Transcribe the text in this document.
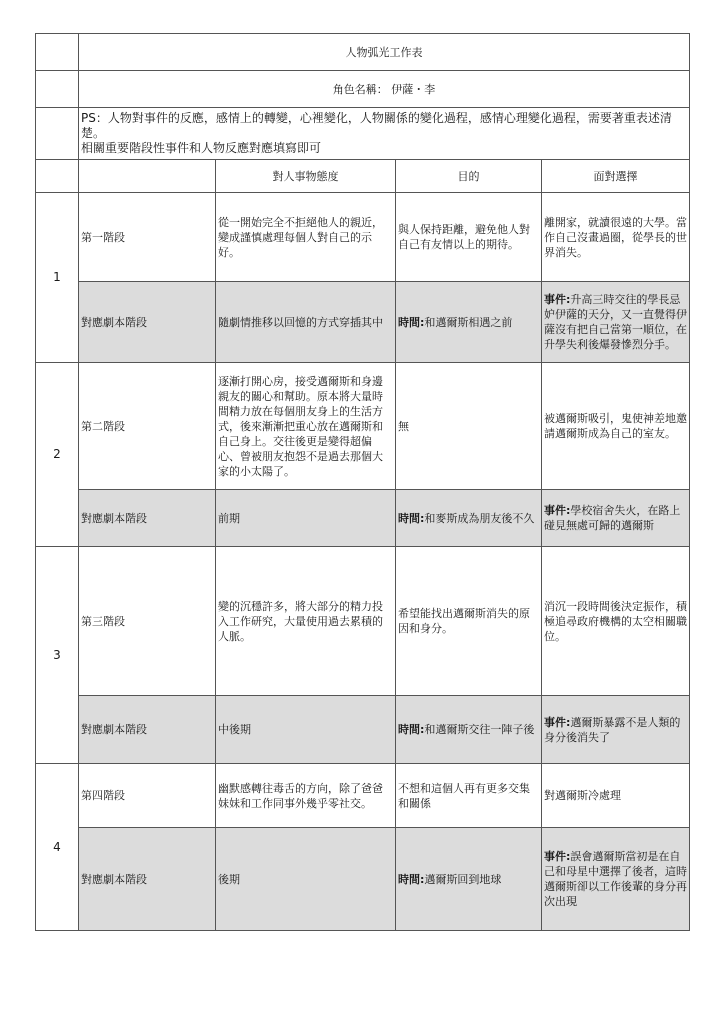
	人物弧光工作表			
	角色名稱： 伊薩・李			

	PS：人物對事件的反應，感情上的轉變，心裡變化，人物關係的變化過程，感情心理變化過程，需要著重表述清楚。
相關重要階段性事件和人物反應對應填寫即可			

		對人事物態度	目的	面對選擇
1	第一階段	從一開始完全不拒絕他人的親近，變成謹慎處理每個人對自己的示好。	與人保持距離，避免他人對自己有友情以上的期待。	離開家，就讀很遠的大學。當作自己沒畫過圈，從學長的世界消失。
	對應劇本階段	隨劇情推移以回憶的方式穿插其中	時間:和邁爾斯相遇之前	事件:升高三時交往的學長忌妒伊薩的天分，又一直覺得伊薩沒有把自己當第一順位，在升學失利後爆發慘烈分手。
2	第二階段	逐漸打開心房，接受邁爾斯和身邊親友的關心和幫助。原本將大量時間精力放在每個朋友身上的生活方式，後來漸漸把重心放在邁爾斯和自己身上。交往後更是變得超偏心、曾被朋友抱怨不是過去那個大家的小太陽了。	無	被邁爾斯吸引，鬼使神差地邀請邁爾斯成為自己的室友。
	對應劇本階段	前期	時間:和麥斯成為朋友後不久	事件:學校宿舍失火，在路上碰見無處可歸的邁爾斯
3	第三階段	變的沉穩許多，將大部分的精力投入工作研究，大量使用過去累積的人脈。	希望能找出邁爾斯消失的原因和身分。	消沉一段時間後決定振作，積極追尋政府機構的太空相關職位。
	對應劇本階段	中後期	時間:和邁爾斯交往一陣子後	事件:邁爾斯暴露不是人類的身分後消失了
4	第四階段	幽默感轉往毒舌的方向，除了爸爸妹妹和工作同事外幾乎零社交。	不想和這個人再有更多交集和關係	對邁爾斯冷處理
	對應劇本階段	後期	時間:邁爾斯回到地球	事件:誤會邁爾斯當初是在自己和母星中選擇了後者，這時邁爾斯卻以工作後輩的身分再次出現
